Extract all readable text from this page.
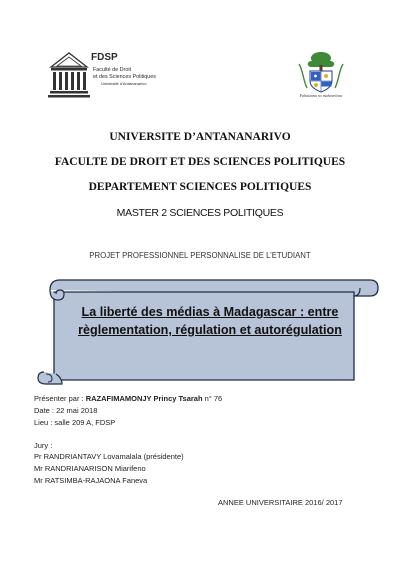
FDSP
Faculté de Droit
et des Sciences Politiques
Université d'Antananarivo
Fahaizana no mahavelona
UNIVERSITE D’ANTANANARIVO
FACULTE DE DROIT ET DES SCIENCES POLITIQUES
DEPARTEMENT SCIENCES POLITIQUES
MASTER 2 SCIENCES POLITIQUES
PROJET PROFESSIONNEL PERSONNALISE DE L’ETUDIANT
La liberté des médias à Madagascar : entre règlementation, régulation et autorégulation
Présenter par : RAZAFIMAMONJY Princy Tsarah n° 76
Date : 22 mai 2018
Lieu : salle 209 A, FDSP
Jury :
Pr RANDRIANTAVY Lovamalala (présidente)
Mr RANDRIANARISON Miarifeno
Mr RATSIMBA-RAJAONA Faneva
ANNEE UNIVERSITAIRE 2016/ 2017
